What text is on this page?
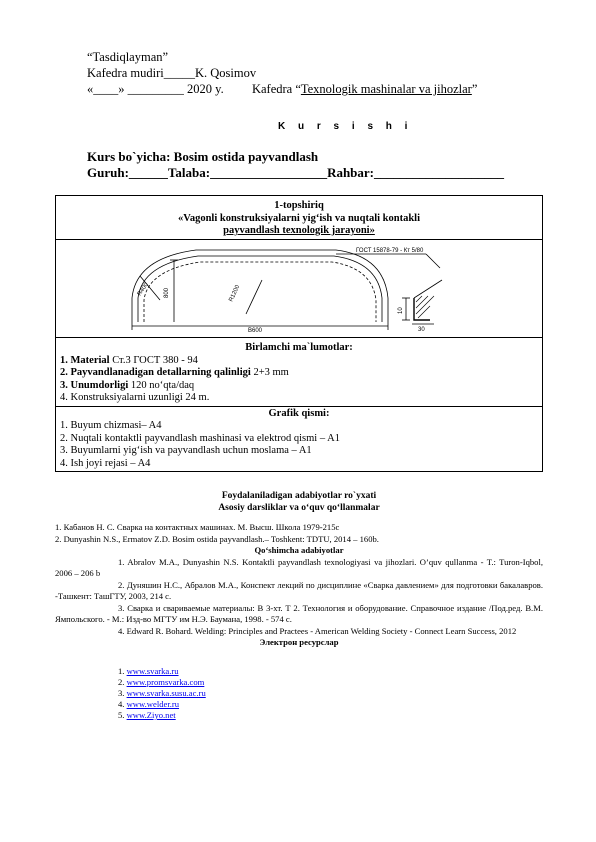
“Tasdiqlayman”
Kafedra mudiri_____K. Qosimov
«____» _________ 2020 y. Kafedra “Texnologik mashinalar va jihozlar”
K u r s i s h i
Kurs bo`yicha: Bosim ostida payvandlash
Guruh:______Talaba:__________________Rahbar:____________________
1-topshiriq
«Vagonli konstruksiyalarni yig‘ish va nuqtali kontakli
payvandlash texnologik jarayoni»

ГОСТ 15878-79 - Кт 5/80
B600
800
R400	R1200
10
30

Birlamchi ma`lumotlar:
1. Material Ст.3 ГОСТ 380 - 94
2. Payvandlanadigan detallarning qalinligi 2+3 mm
3. Unumdorligi 120 no‘qta/daq
4. Konstruksiyalarni uzunligi 24 m.

Grafik qismi:
1. Buyum chizmasi– A4
2. Nuqtali kontaktli payvandlash mashinasi va elektrod qismi – A1
3. Buyumlarni yig‘ish va payvandlash uchun moslama – A1
4. Ish joyi rejasi – A4
Foydalaniladigan adabiyotlar ro`yxati
Asosiy darsliklar va o‘quv qo‘llanmalar
1. Кабанов Н. С. Сварка на контактных машинах. М. Высш. Школа 1979-215с
2. Dunyashin N.S., Ermatov Z.D. Bosim ostida payvandlash.– Toshkent: TDTU, 2014 – 160b.
Qo‘shimcha adabiyotlar
1. Abralov M.A., Dunyashin N.S. Kontaktli payvandlash texnologiyasi va jihozlari. O’quv qullanma - T.: Turon-Iqbol, 2006 – 206 b
2. Дуняшин Н.С., Абралов М.А., Конспект лекций по дисциплине «Сварка давлением» для подготовки бакалавров. -Ташкент: ТашГТУ, 2003, 214 с.
3. Сварка и свариваемые материалы: В 3-хт. Т 2. Технология и оборудование. Справочное издание /Под.ред. В.М. Ямпольского. - М.: Изд-во МГТУ им Н.Э. Баумана, 1998. - 574 с.
4. Edward R. Bohard. Welding: Principles and Practees - American Welding Society - Connect Learn Success, 2012
Электрон ресурслар
1. www.svarka.ru
2. www.promsvarka.com
3. www.svarka.susu.ac.ru
4. www.welder.ru
5. www.Ziyo.net
